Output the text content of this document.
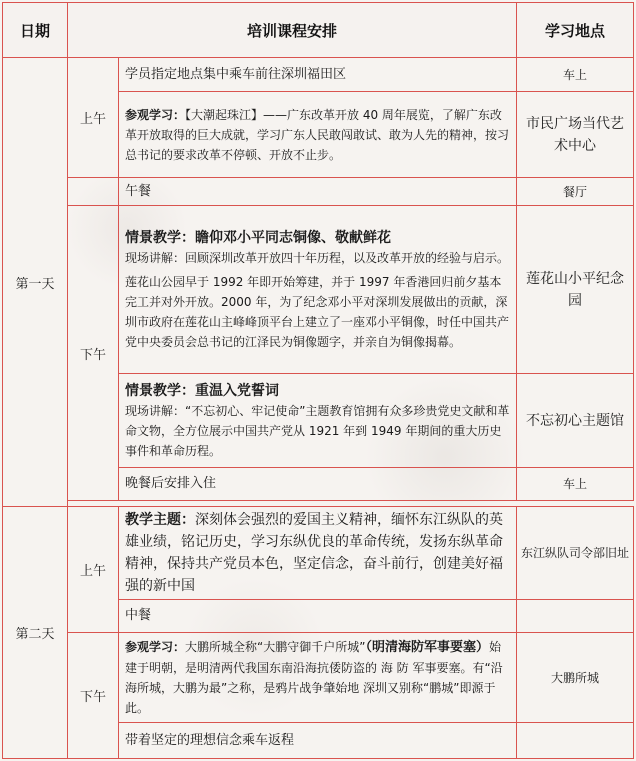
日期	培训课程安排		学习地点
第一天	上午	学员指定地点集中乘车前往深圳福田区	车上
		参观学习：【大潮起珠江】——广东改革开放 40 周年展览，了解广东改革开放取得的巨大成就，学习广东人民敢闯敢试、敢为人先的精神，按习总书记的要求改革不停顿、开放不止步。	市民广场当代艺术中心
		午餐	餐厅
	下午	情景教学：瞻仰邓小平同志铜像、敬献鲜花
现场讲解：回顾深圳改革开放四十年历程，以及改革开放的经验与启示。
莲花山公园早于 1992 年即开始筹建，并于 1997 年香港回归前夕基本完工并对外开放。2000 年，为了纪念邓小平对深圳发展做出的贡献，深圳市政府在莲花山主峰峰顶平台上建立了一座邓小平铜像，时任中国共产党中央委员会总书记的江泽民为铜像题字，并亲自为铜像揭幕。	莲花山小平纪念园

		情景教学：重温入党誓词
现场讲解：“不忘初心、牢记使命”主题教育馆拥有众多珍贵党史文献和革命文物，全方位展示中国共产党从 1921 年到 1949 年期间的重大历史事件和革命历程。	不忘初心主题馆
		晚餐后安排入住	车上

第二天	上午	教学主题：深刻体会强烈的爱国主义精神，缅怀东江纵队的英雄业绩，铭记历史，学习东纵优良的革命传统，发扬东纵革命精神，保持共产党员本色，坚定信念，奋斗前行，创建美好福强的新中国	东江纵队司令部旧址
		中餐	
	下午	参观学习：大鹏所城全称“大鹏守御千户所城”（明清海防军事要塞）始建于明朝，是明清两代我国东南沿海抗倭防盗的 海 防 军事要塞。有“沿海所城，大鹏为最”之称，是鸦片战争肇始地 深圳又别称“鹏城”即源于此。	大鹏所城
		带着坚定的理想信念乘车返程	
